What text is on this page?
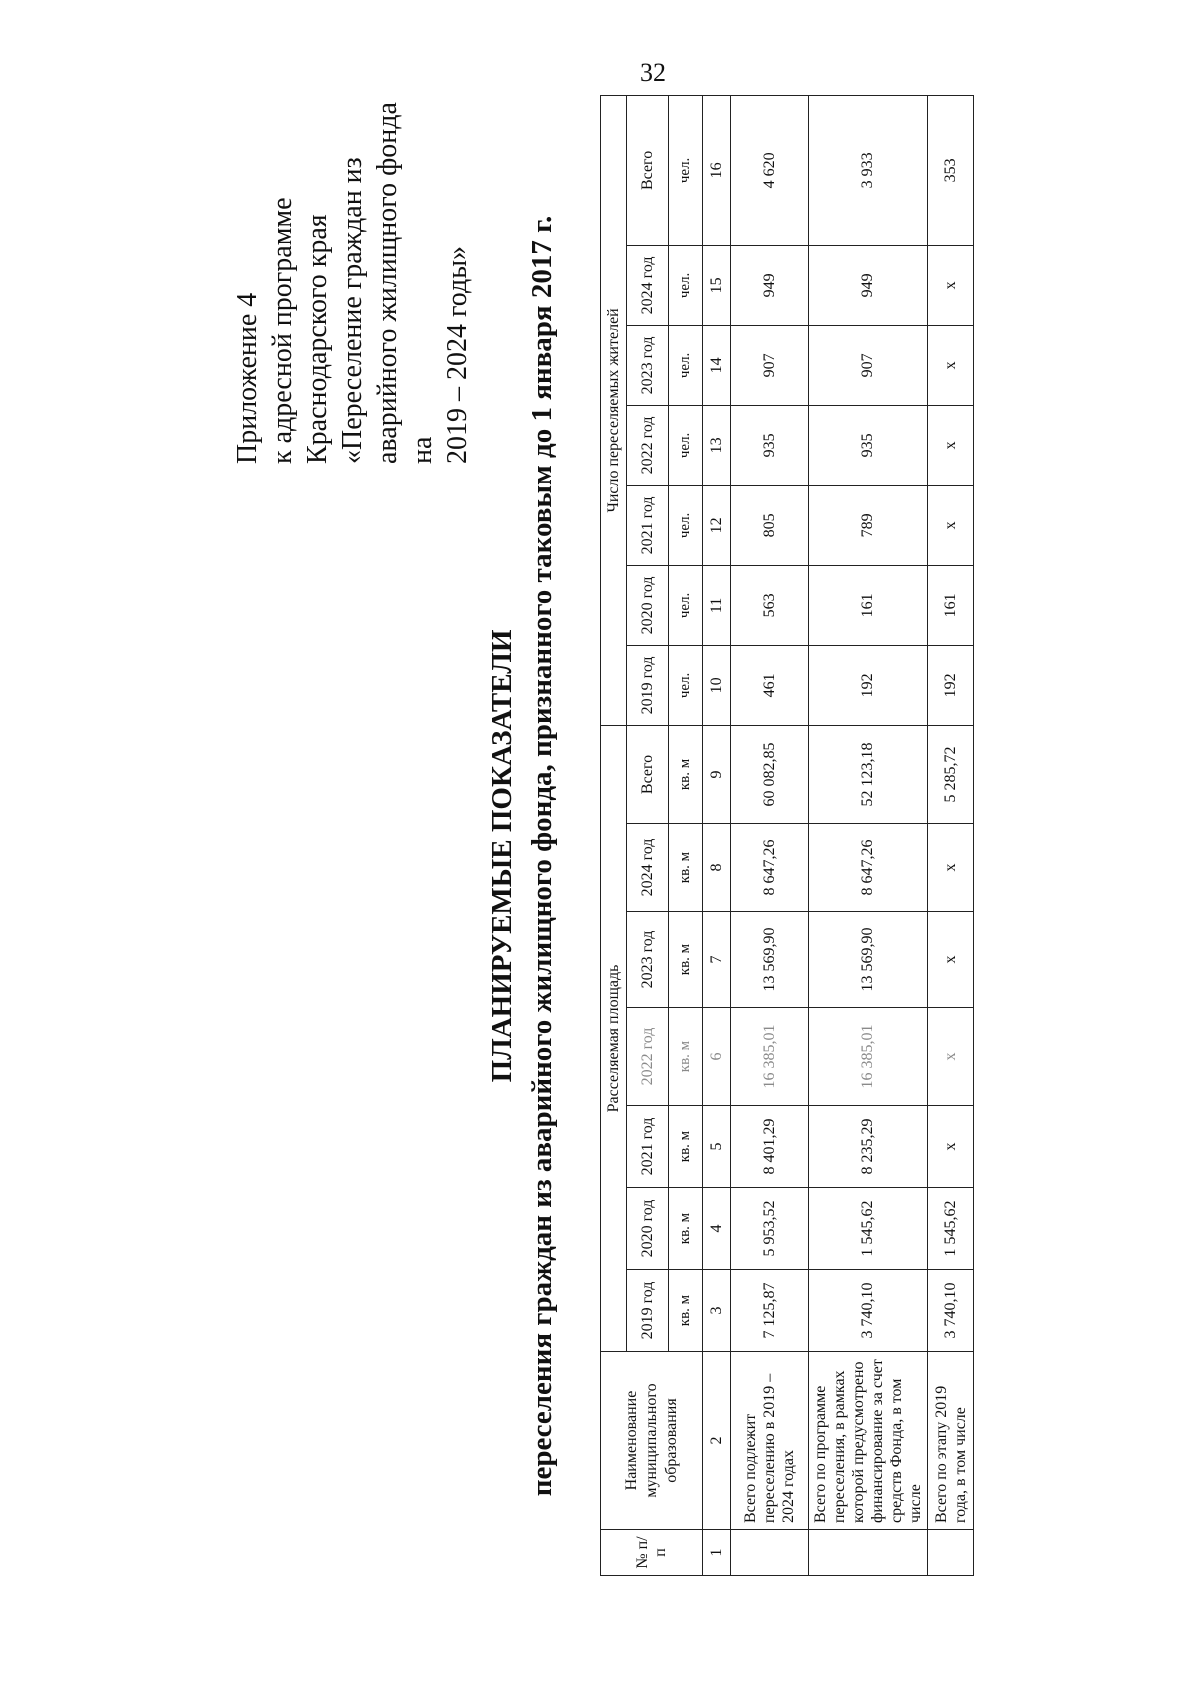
32

Приложение 4 к адресной программе Краснодарского края «Переселение граждан из аварийного жилищного фонда на 2019 – 2024 годы»

ПЛАНИРУЕМЫЕ ПОКАЗАТЕЛИ переселения граждан из аварийного жилищного фонда, признанного таковым до 1 января 2017 г.
№ п/п	Наименование муниципального образования	Расселяемая площадь							Число переселяемых жителей						
		2019 год	2020 год	2021 год	2022 год	2023 год	2024 год	Всего	2019 год	2020 год	2021 год	2022 год	2023 год	2024 год	Всего
		кв. м	кв. м	кв. м	кв. м	кв. м	кв. м	кв. м	чел.	чел.	чел.	чел.	чел.	чел.	чел.
1	2	3	4	5	6	7	8	9	10	11	12	13	14	15	16
	Всего подлежит переселению в 2019 – 2024 годах	7 125,87	5 953,52	8 401,29	16 385,01	13 569,90	8 647,26	60 082,85	461	563	805	935	907	949	4 620
	Всего по программе переселения, в рамках которой предусмотрено финансирование за счет средств Фонда, в том числе	3 740,10	1 545,62	8 235,29	16 385,01	13 569,90	8 647,26	52 123,18	192	161	789	935	907	949	3 933
	Всего по этапу 2019 года, в том числе	3 740,10	1 545,62	x	x	x	x	5 285,72	192	161	x	x	x	x	353
